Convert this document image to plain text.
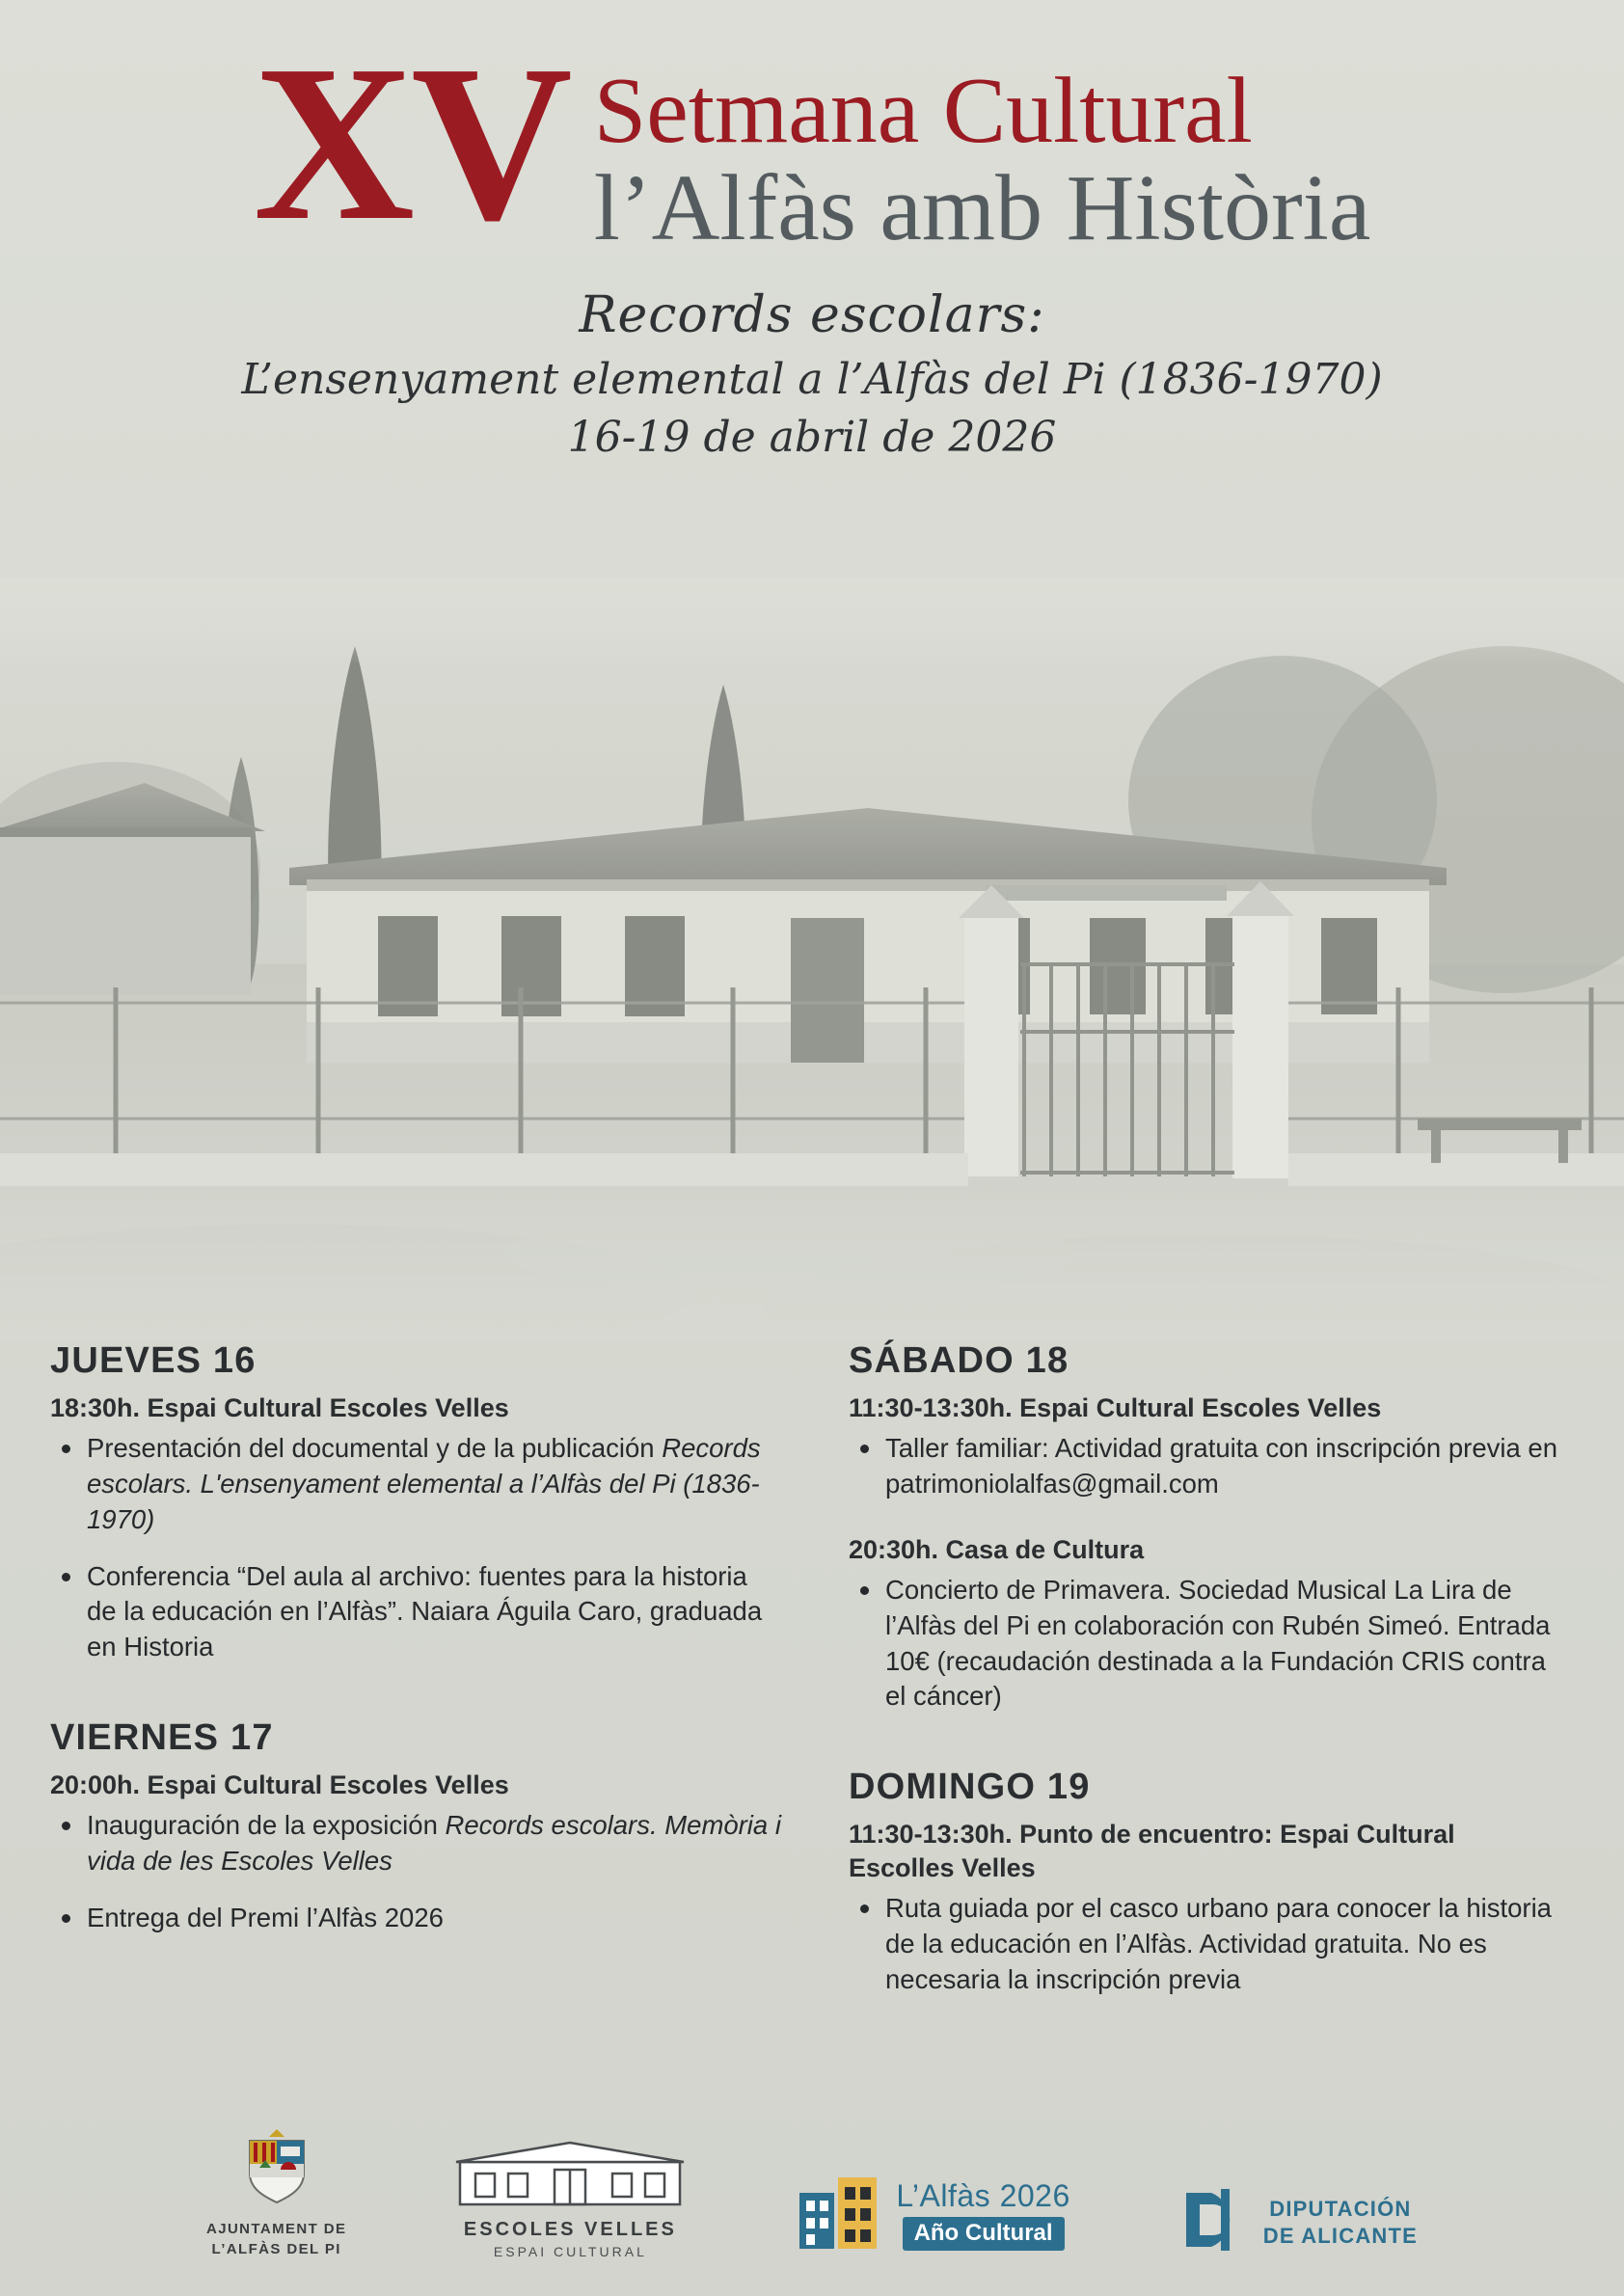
XV Setmana Cultural
l’Alfàs amb Història
Records escolars:
L’ensenyament elemental a l’Alfàs del Pi (1836-1970)
16-19 de abril de 2026
JUEVES 16
18:30h. Espai Cultural Escoles Velles
Presentación del documental y de la publicación Records escolars. L'ensenyament elemental a l’Alfàs del Pi (1836-1970)
Conferencia “Del aula al archivo: fuentes para la historia de la educación en l’Alfàs”. Naiara Águila Caro, graduada en Historia
VIERNES 17
20:00h. Espai Cultural Escoles Velles
Inauguración de la exposición Records escolars. Memòria i vida de les Escoles Velles
Entrega del Premi l’Alfàs 2026
SÁBADO 18
11:30-13:30h. Espai Cultural Escoles Velles
Taller familiar: Actividad gratuita con inscripción previa en patrimoniolalfas@gmail.com
20:30h. Casa de Cultura
Concierto de Primavera. Sociedad Musical La Lira de l’Alfàs del Pi en colaboración con Rubén Simeó. Entrada 10€ (recaudación destinada a la Fundación CRIS contra el cáncer)
DOMINGO 19
11:30-13:30h. Punto de encuentro: Espai Cultural Escolles Velles
Ruta guiada por el casco urbano para conocer la historia de la educación en l’Alfàs. Actividad gratuita. No es necesaria la inscripción previa
AJUNTAMENT DE
L’ALFÀS DEL PI
ESCOLES VELLES
ESPAI CULTURAL
L’Alfàs 2026
Año Cultural
DIPUTACIÓN
DE ALICANTE
